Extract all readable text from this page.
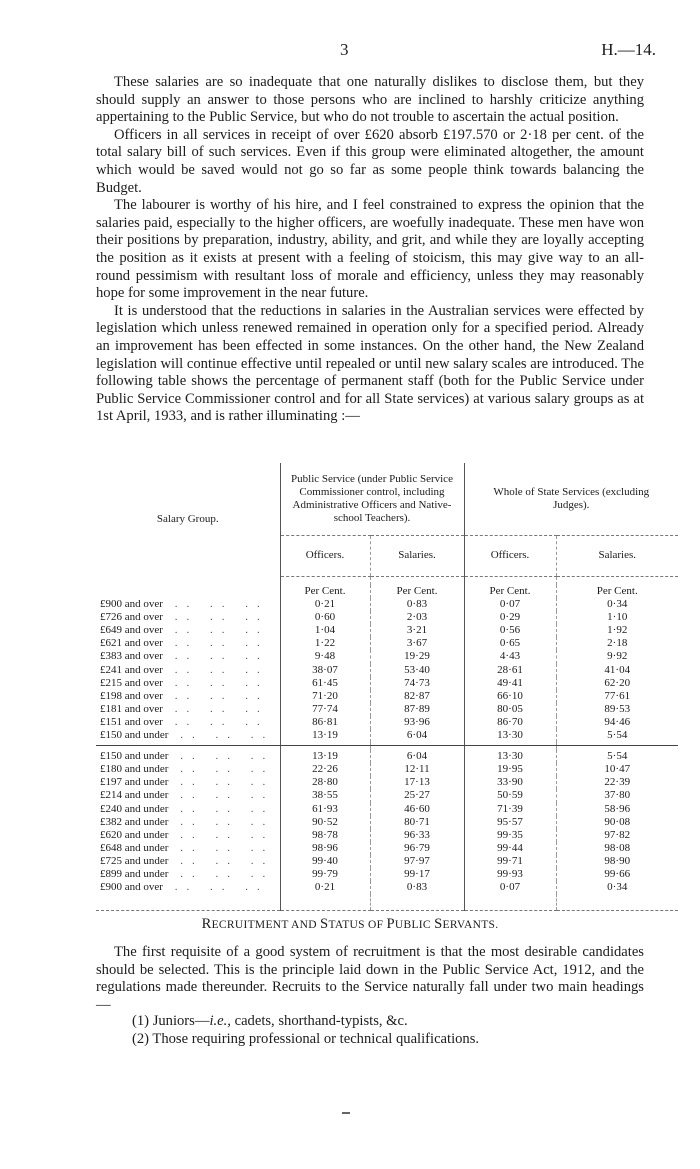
3	H.—14.

These salaries are so inadequate that one naturally dislikes to disclose them, but they should supply an answer to those persons who are inclined to harshly criticize anything appertaining to the Public Service, but who do not trouble to ascertain the actual position.

Officers in all services in receipt of over £620 absorb £197.570 or 2·18 per cent. of the total salary bill of such services. Even if this group were eliminated altogether, the amount which would be saved would not go so far as some people think towards balancing the Budget.

The labourer is worthy of his hire, and I feel constrained to express the opinion that the salaries paid, especially to the higher officers, are woefully inadequate. These men have won their positions by preparation, industry, ability, and grit, and while they are loyally accepting the position as it exists at present with a feeling of stoicism, this may give way to an all-round pessimism with resultant loss of morale and efficiency, unless they may reasonably hope for some improvement in the near future.

It is understood that the reductions in salaries in the Australian services were effected by legislation which unless renewed remained in operation only for a specified period. Already an improvement has been effected in some instances. On the other hand, the New Zealand legislation will continue effective until repealed or until new salary scales are introduced. The following table shows the percentage of permanent staff (both for the Public Service under Public Service Commissioner control and for all State services) at various salary groups as at 1st April, 1933, and is rather illuminating :—

Salary Group.	Public Service (under Public Service Commissioner control, including Administrative Officers and Native-school Teachers).		Whole of State Services (excluding Judges).	
	Officers.	Salaries.	Officers.	Salaries.

	Per Cent.	Per Cent.	Per Cent.	Per Cent.
£900 and over .. .. ..	0·21	0·83	0·07	0·34
£726 and over .. .. ..	0·60	2·03	0·29	1·10
£649 and over .. .. ..	1·04	3·21	0·56	1·92
£621 and over .. .. ..	1·22	3·67	0·65	2·18
£383 and over .. .. ..	9·48	19·29	4·43	9·92
£241 and over .. .. ..	38·07	53·40	28·61	41·04
£215 and over .. .. ..	61·45	74·73	49·41	62·20
£198 and over .. .. ..	71·20	82·87	66·10	77·61
£181 and over .. .. ..	77·74	87·89	80·05	89·53
£151 and over .. .. ..	86·81	93·96	86·70	94·46
£150 and under .. .. ..	13·19	6·04	13·30	5·54

£150 and under .. .. ..	13·19	6·04	13·30	5·54
£180 and under .. .. ..	22·26	12·11	19·95	10·47
£197 and under .. .. ..	28·80	17·13	33·90	22·39
£214 and under .. .. ..	38·55	25·27	50·59	37·80
£240 and under .. .. ..	61·93	46·60	71·39	58·96
£382 and under .. .. ..	90·52	80·71	95·57	90·08
£620 and under .. .. ..	98·78	96·33	99·35	97·82
£648 and under .. .. ..	98·96	96·79	99·44	98·08
£725 and under .. .. ..	99·40	97·97	99·71	98·90
£899 and under .. .. ..	99·79	99·17	99·93	99·66
£900 and over .. .. ..	0·21	0·83	0·07	0·34

RECRUITMENT AND STATUS OF PUBLIC SERVANTS.

The first requisite of a good system of recruitment is that the most desirable candidates should be selected. This is the principle laid down in the Public Service Act, 1912, and the regulations made thereunder. Recruits to the Service naturally fall under two main headings—

(1) Juniors—i.e., cadets, shorthand-typists, &c.
(2) Those requiring professional or technical qualifications.
